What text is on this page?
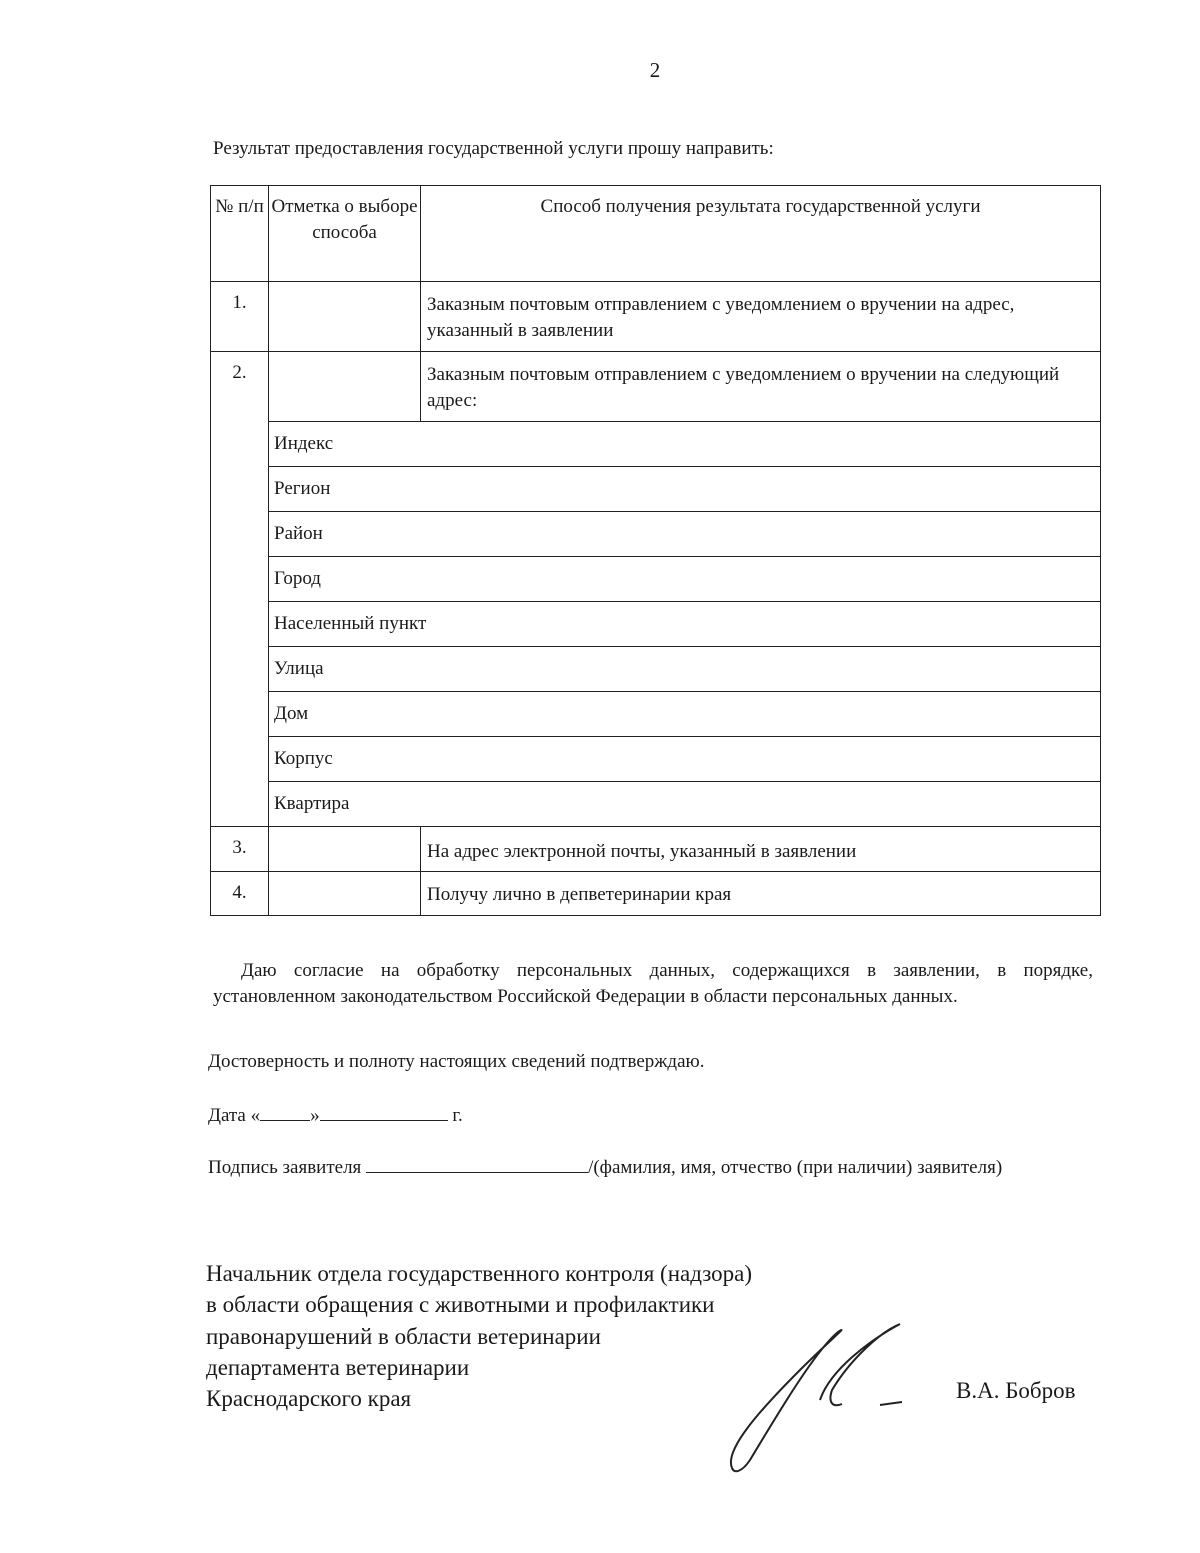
2
Результат предоставления государственной услуги прошу направить:
№ п/п	Отметка о выборе способа	Способ получения результата государственной услуги
1.		Заказным почтовым отправлением с уведомлением о вручении на адрес, указанный в заявлении
2.		Заказным почтовым отправлением с уведомлением о вручении на следующий адрес:
	Индекс	
	Регион	
	Район	
	Город	
	Населенный пункт	
	Улица	
	Дом	
	Корпус	
	Квартира	
3.		На адрес электронной почты, указанный в заявлении
4.		Получу лично в депветеринарии края
Даю согласие на обработку персональных данных, содержащихся в заявлении, в порядке, установленном законодательством Российской Федерации в области персональных данных.
Достоверность и полноту настоящих сведений подтверждаю.
Дата «	»	г.
Подпись заявителя	/(фамилия, имя, отчество (при наличии) заявителя)
Начальник отдела государственного контроля (надзора)
в области обращения с животными и профилактики
правонарушений в области ветеринарии
департамента ветеринарии
Краснодарского края	В.А. Бобров
